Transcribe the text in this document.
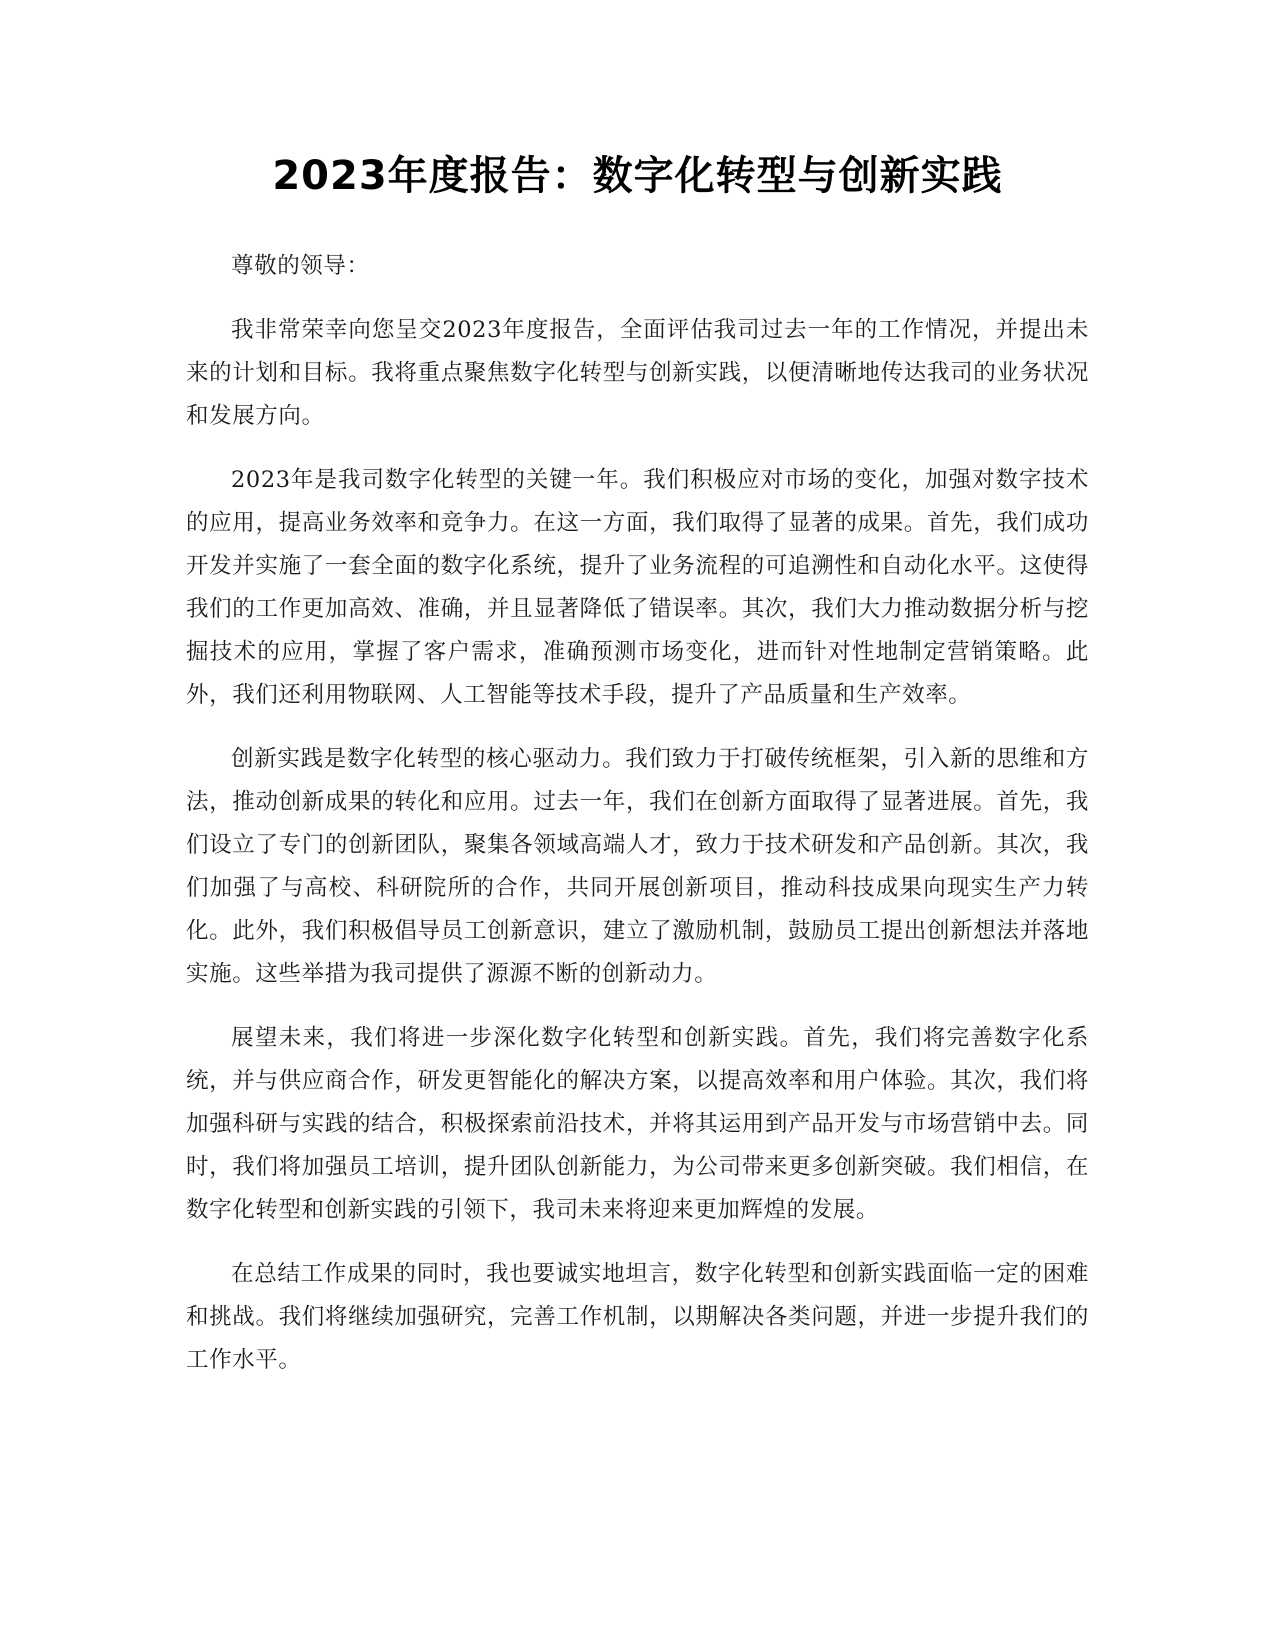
2023年度报告：数字化转型与创新实践

尊敬的领导：

我非常荣幸向您呈交2023年度报告，全面评估我司过去一年的工作情况，并提出未来的计划和目标。我将重点聚焦数字化转型与创新实践，以便清晰地传达我司的业务状况和发展方向。

2023年是我司数字化转型的关键一年。我们积极应对市场的变化，加强对数字技术的应用，提高业务效率和竞争力。在这一方面，我们取得了显著的成果。首先，我们成功开发并实施了一套全面的数字化系统，提升了业务流程的可追溯性和自动化水平。这使得我们的工作更加高效、准确，并且显著降低了错误率。其次，我们大力推动数据分析与挖掘技术的应用，掌握了客户需求，准确预测市场变化，进而针对性地制定营销策略。此外，我们还利用物联网、人工智能等技术手段，提升了产品质量和生产效率。

创新实践是数字化转型的核心驱动力。我们致力于打破传统框架，引入新的思维和方法，推动创新成果的转化和应用。过去一年，我们在创新方面取得了显著进展。首先，我们设立了专门的创新团队，聚集各领域高端人才，致力于技术研发和产品创新。其次，我们加强了与高校、科研院所的合作，共同开展创新项目，推动科技成果向现实生产力转化。此外，我们积极倡导员工创新意识，建立了激励机制，鼓励员工提出创新想法并落地实施。这些举措为我司提供了源源不断的创新动力。

展望未来，我们将进一步深化数字化转型和创新实践。首先，我们将完善数字化系统，并与供应商合作，研发更智能化的解决方案，以提高效率和用户体验。其次，我们将加强科研与实践的结合，积极探索前沿技术，并将其运用到产品开发与市场营销中去。同时，我们将加强员工培训，提升团队创新能力，为公司带来更多创新突破。我们相信，在数字化转型和创新实践的引领下，我司未来将迎来更加辉煌的发展。

在总结工作成果的同时，我也要诚实地坦言，数字化转型和创新实践面临一定的困难和挑战。我们将继续加强研究，完善工作机制，以期解决各类问题，并进一步提升我们的工作水平。
